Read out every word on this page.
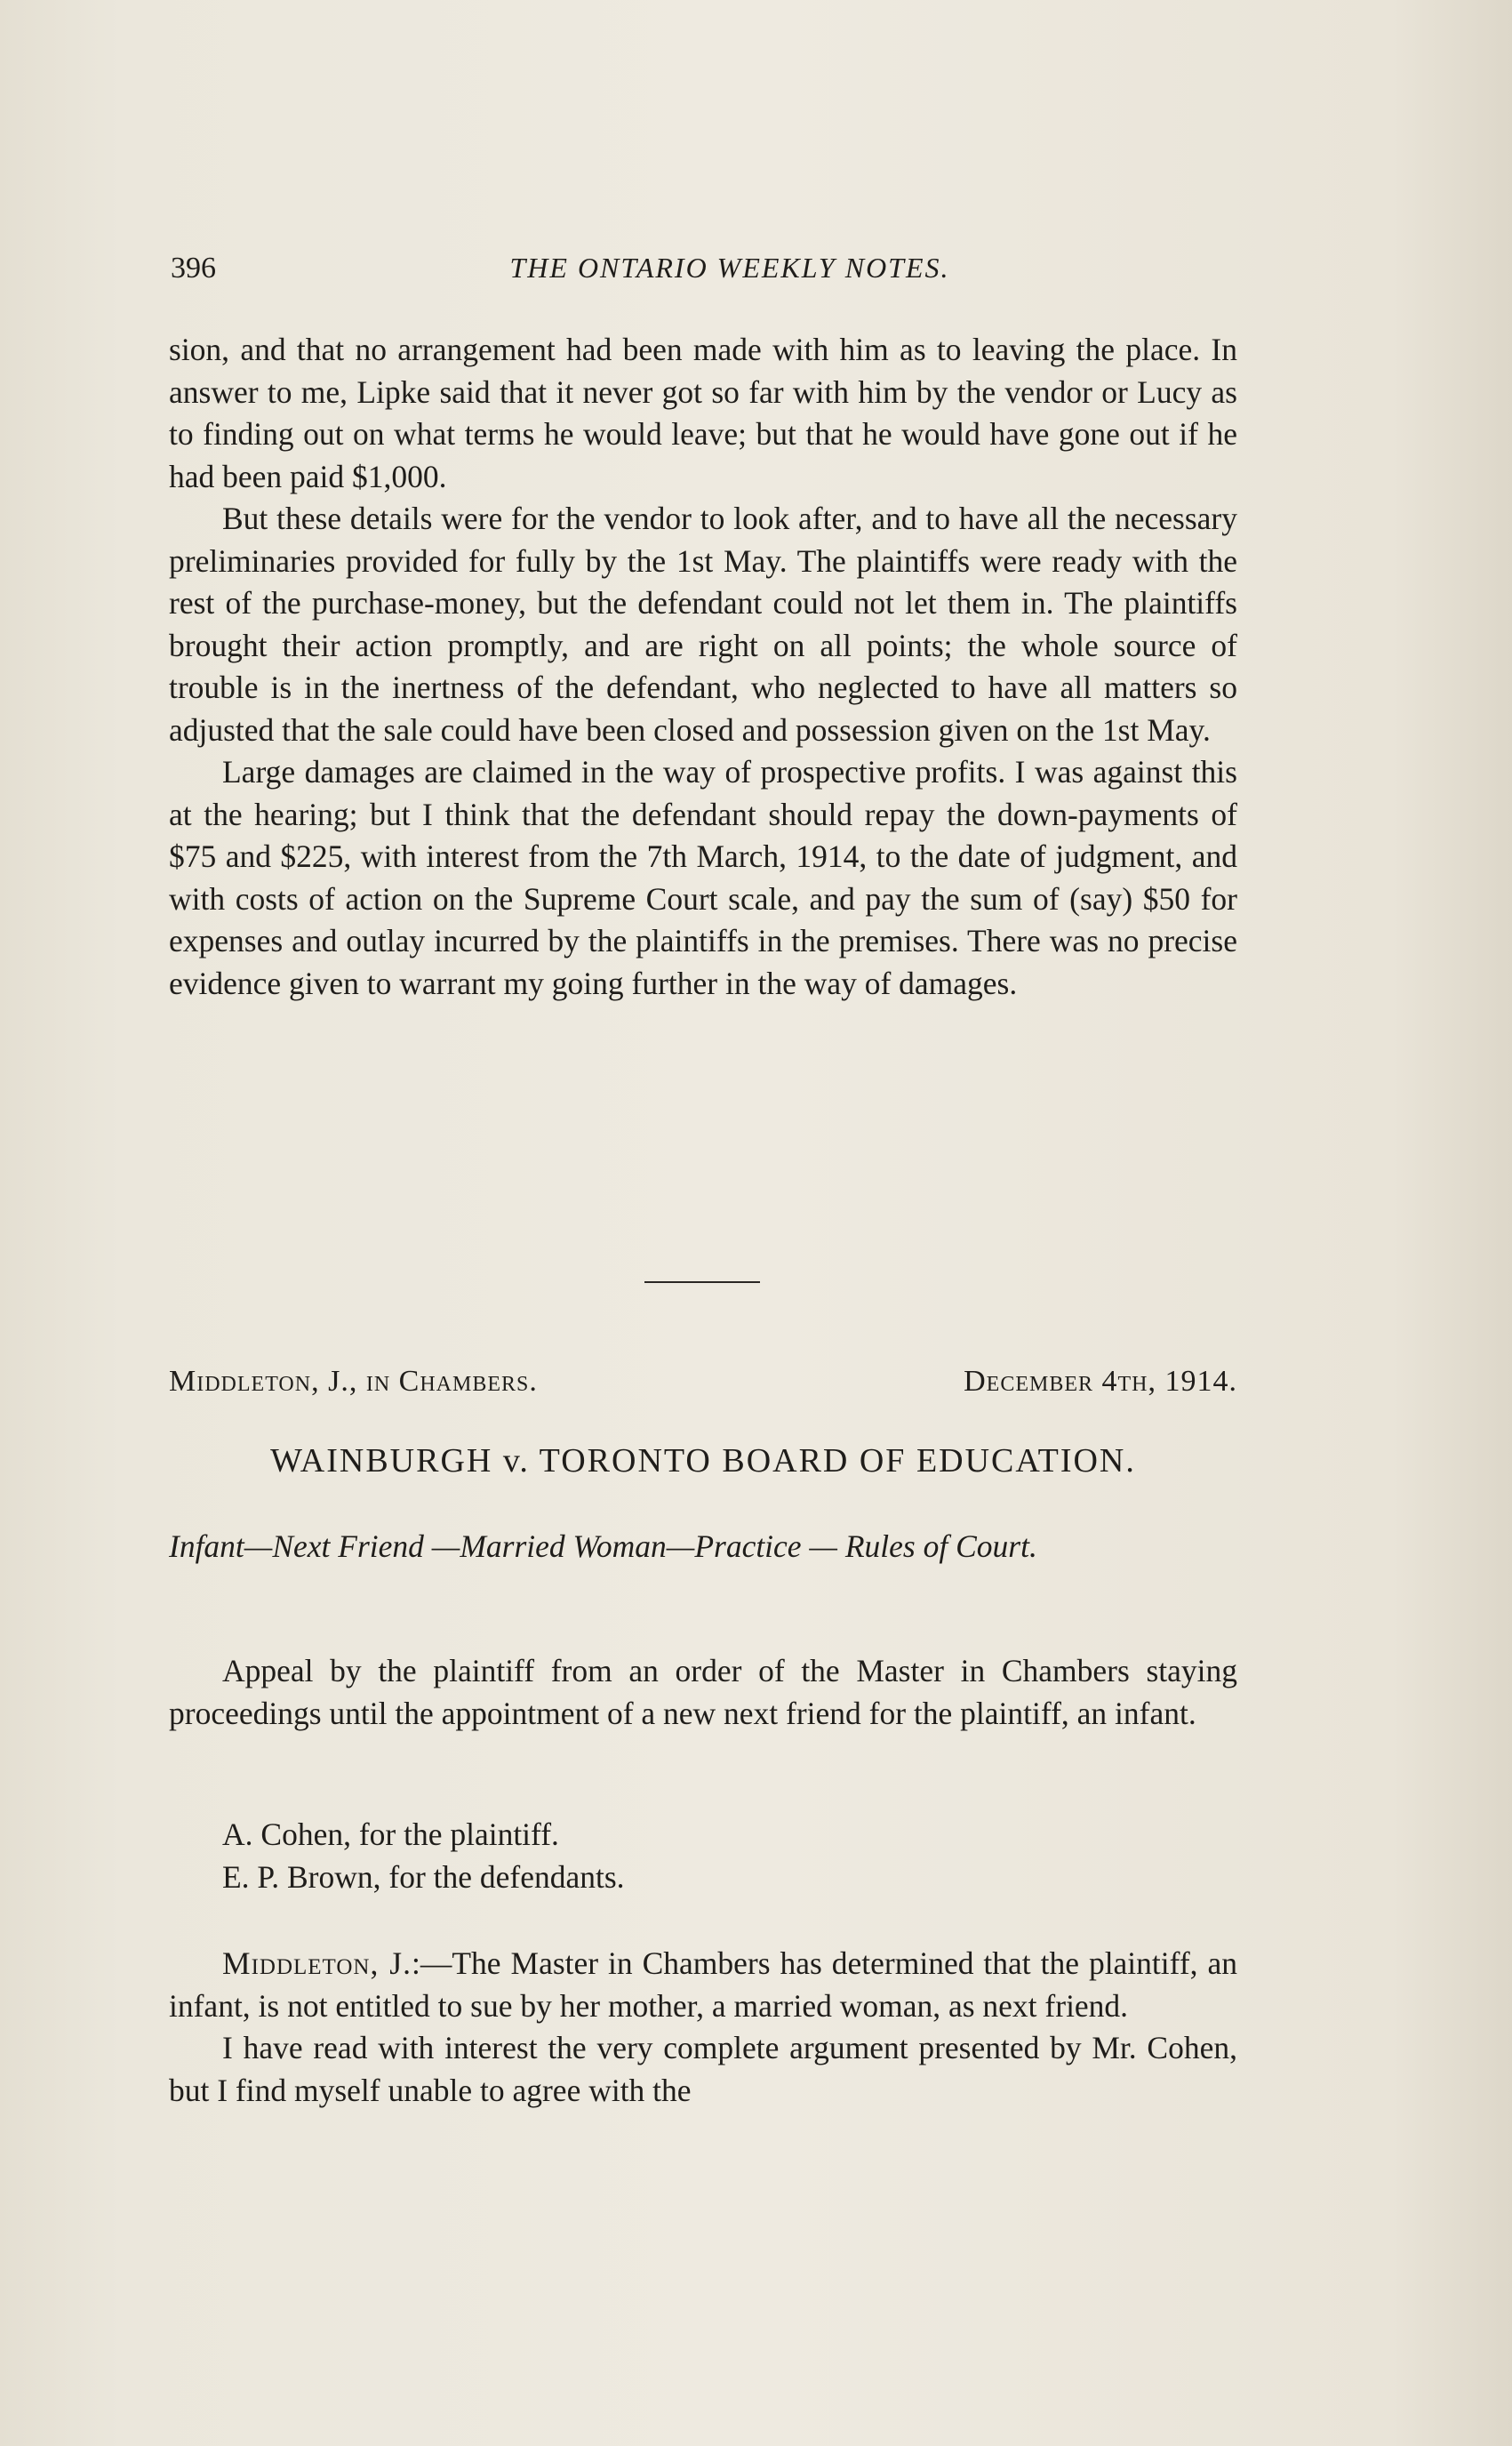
396	THE ONTARIO WEEKLY NOTES.

sion, and that no arrangement had been made with him as to leaving the place. In answer to me, Lipke said that it never got so far with him by the vendor or Lucy as to finding out on what terms he would leave; but that he would have gone out if he had been paid $1,000.

But these details were for the vendor to look after, and to have all the necessary preliminaries provided for fully by the 1st May. The plaintiffs were ready with the rest of the purchase-money, but the defendant could not let them in. The plaintiffs brought their action promptly, and are right on all points; the whole source of trouble is in the inertness of the defendant, who neglected to have all matters so adjusted that the sale could have been closed and possession given on the 1st May.

Large damages are claimed in the way of prospective profits. I was against this at the hearing; but I think that the defendant should repay the down-payments of $75 and $225, with interest from the 7th March, 1914, to the date of judgment, and with costs of action on the Supreme Court scale, and pay the sum of (say) $50 for expenses and outlay incurred by the plaintiffs in the premises. There was no precise evidence given to warrant my going further in the way of damages.

Middleton, J., in Chambers.	December 4th, 1914.
WAINBURGH v. TORONTO BOARD OF EDUCATION.

Infant—Next Friend —Married Woman—Practice — Rules of Court.

Appeal by the plaintiff from an order of the Master in Chambers staying proceedings until the appointment of a new next friend for the plaintiff, an infant.

A. Cohen, for the plaintiff.

E. P. Brown, for the defendants.

Middleton, J.:—The Master in Chambers has determined that the plaintiff, an infant, is not entitled to sue by her mother, a married woman, as next friend.

I have read with interest the very complete argument presented by Mr. Cohen, but I find myself unable to agree with the
